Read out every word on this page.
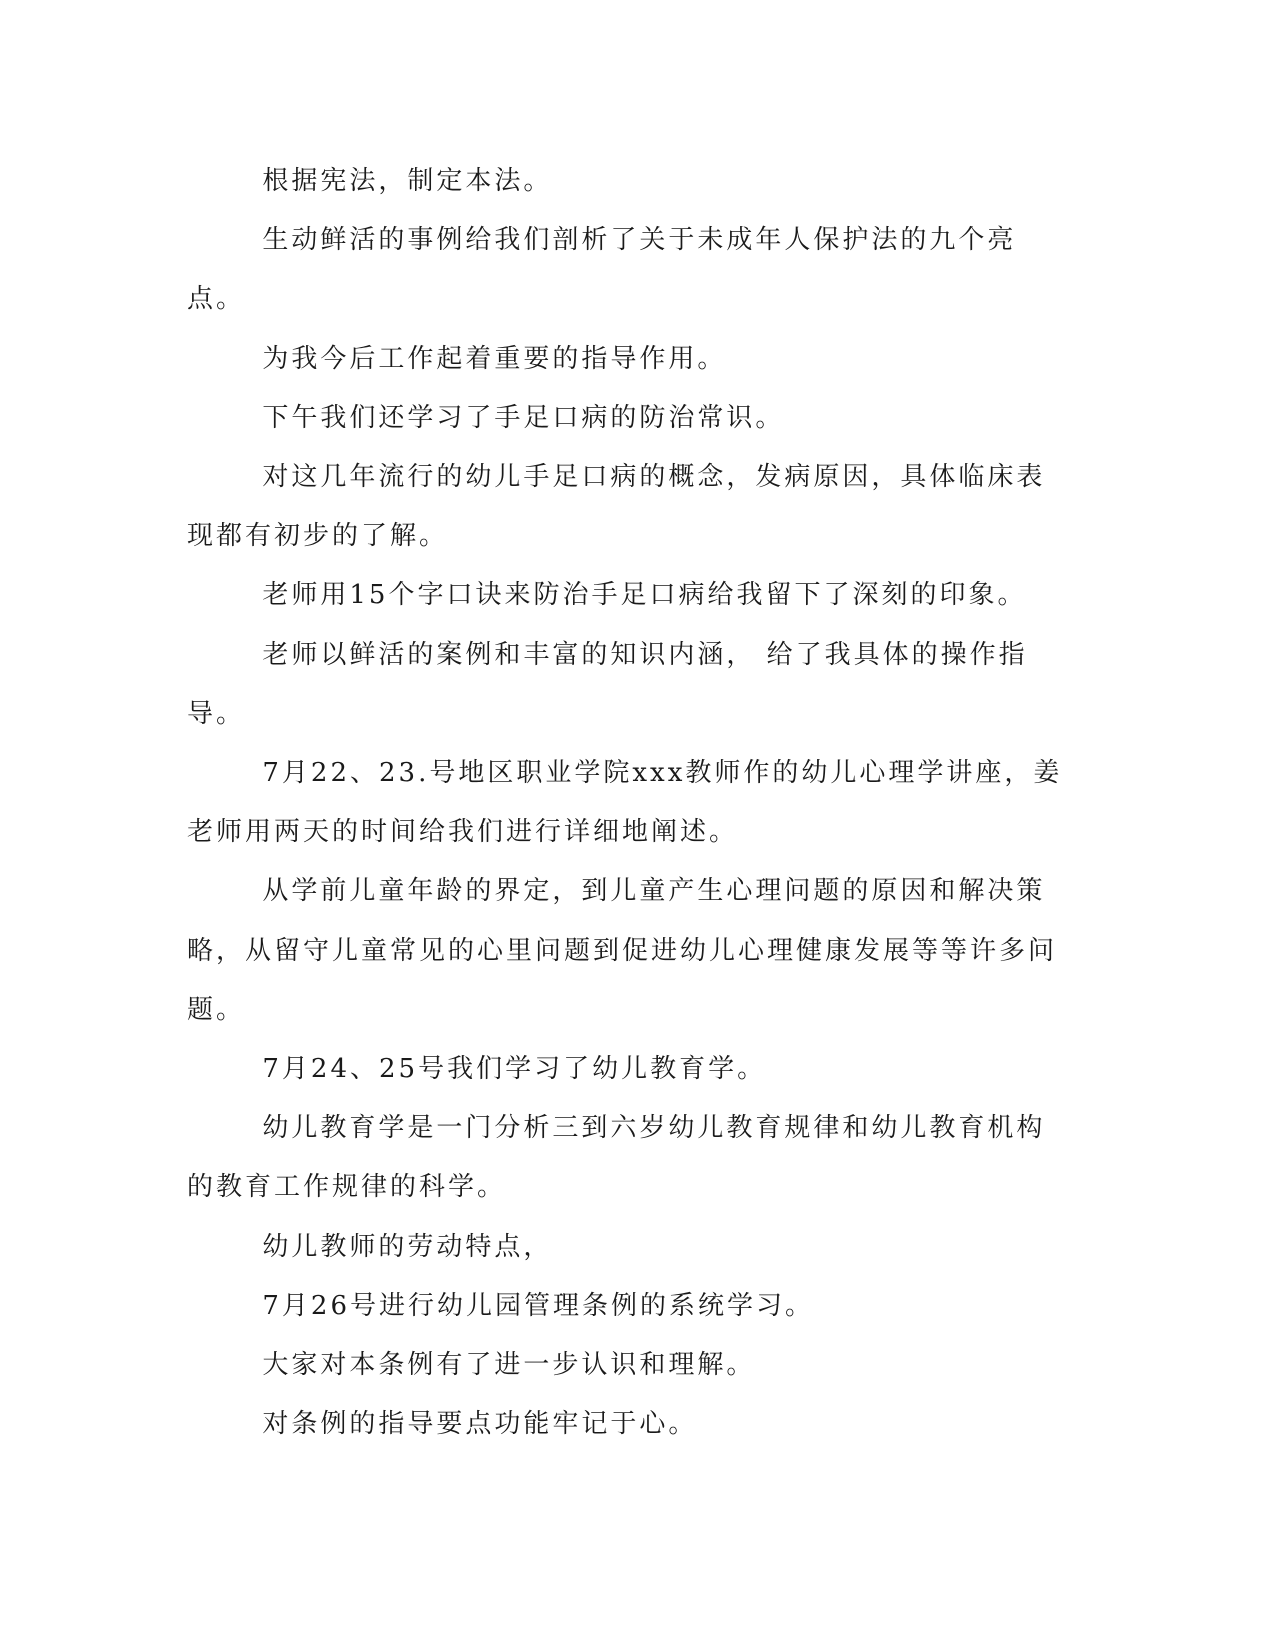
根据宪法，制定本法。

生动鲜活的事例给我们剖析了关于未成年人保护法的九个亮点。

为我今后工作起着重要的指导作用。

下午我们还学习了手足口病的防治常识。

对这几年流行的幼儿手足口病的概念，发病原因，具体临床表现都有初步的了解。

老师用15个字口诀来防治手足口病给我留下了深刻的印象。

老师以鲜活的案例和丰富的知识内涵， 给了我具体的操作指导。

7月22、23.号地区职业学院xxx教师作的幼儿心理学讲座，姜老师用两天的时间给我们进行详细地阐述。

从学前儿童年龄的界定，到儿童产生心理问题的原因和解决策略，从留守儿童常见的心里问题到促进幼儿心理健康发展等等许多问题。

7月24、25号我们学习了幼儿教育学。

幼儿教育学是一门分析三到六岁幼儿教育规律和幼儿教育机构的教育工作规律的科学。

幼儿教师的劳动特点，

7月26号进行幼儿园管理条例的系统学习。

大家对本条例有了进一步认识和理解。

对条例的指导要点功能牢记于心。
